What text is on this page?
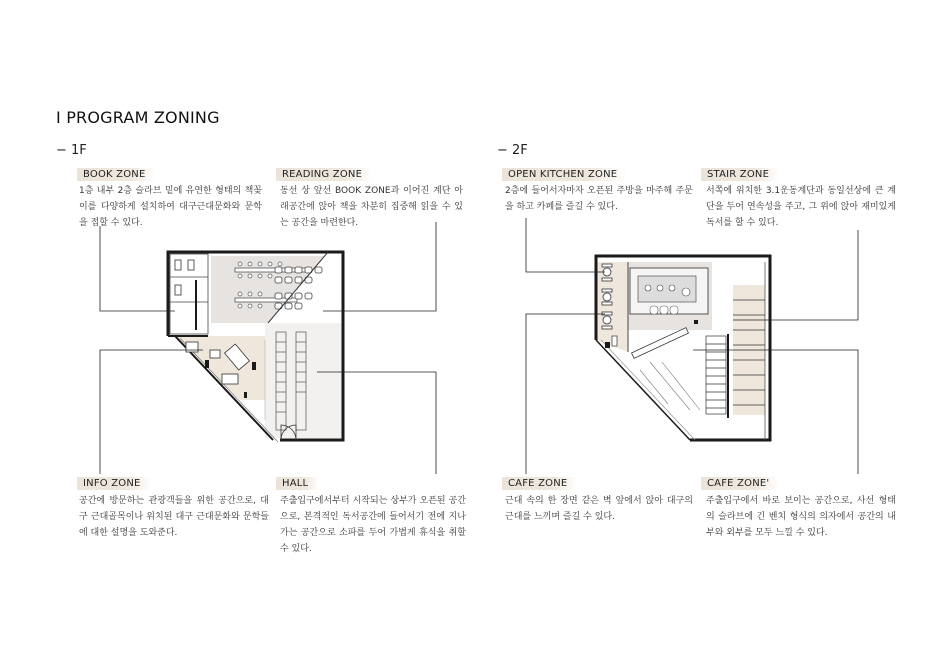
I PROGRAM ZONING
− 1F	− 2F
BOOK ZONE
1층 내부 2층 슬라브 밑에 유연한 형태의 책꽂이를 다양하게 설치하여 대구근대문화와 문학을 접할 수 있다.
READING ZONE
동선 상 앞선 BOOK ZONE과 이어진 계단 아래공간에 앉아 책을 차분히 집중해 읽을 수 있는 공간을 마련한다.
INFO ZONE
공간에 방문하는 관광객들을 위한 공간으로, 대구 근대골목이나 위치된 대구 근대문화와 문학들에 대한 설명을 도와준다.
HALL
주출입구에서부터 시작되는 상부가 오픈된 공간으로, 본격적인 독서공간에 들어서기 전에 지나가는 공간으로 소파를 두어 가볍게 휴식을 취할 수 있다.
OPEN KITCHEN ZONE
2층에 들어서자마자 오픈된 주방을 마주해 주문을 하고 카페를 즐길 수 있다.
STAIR ZONE
서쪽에 위치한 3.1운동계단과 동일선상에 큰 계단을 두어 연속성을 주고, 그 위에 앉아 재미있게 독서를 할 수 있다.
CAFE ZONE
근대 속의 한 장면 같은 벽 앞에서 앉아 대구의 근대를 느끼며 즐길 수 있다.
CAFE ZONE'
주출입구에서 바로 보이는 공간으로, 사선 형태의 슬라브에 긴 벤치 형식의 의자에서 공간의 내부와 외부를 모두 느낄 수 있다.
